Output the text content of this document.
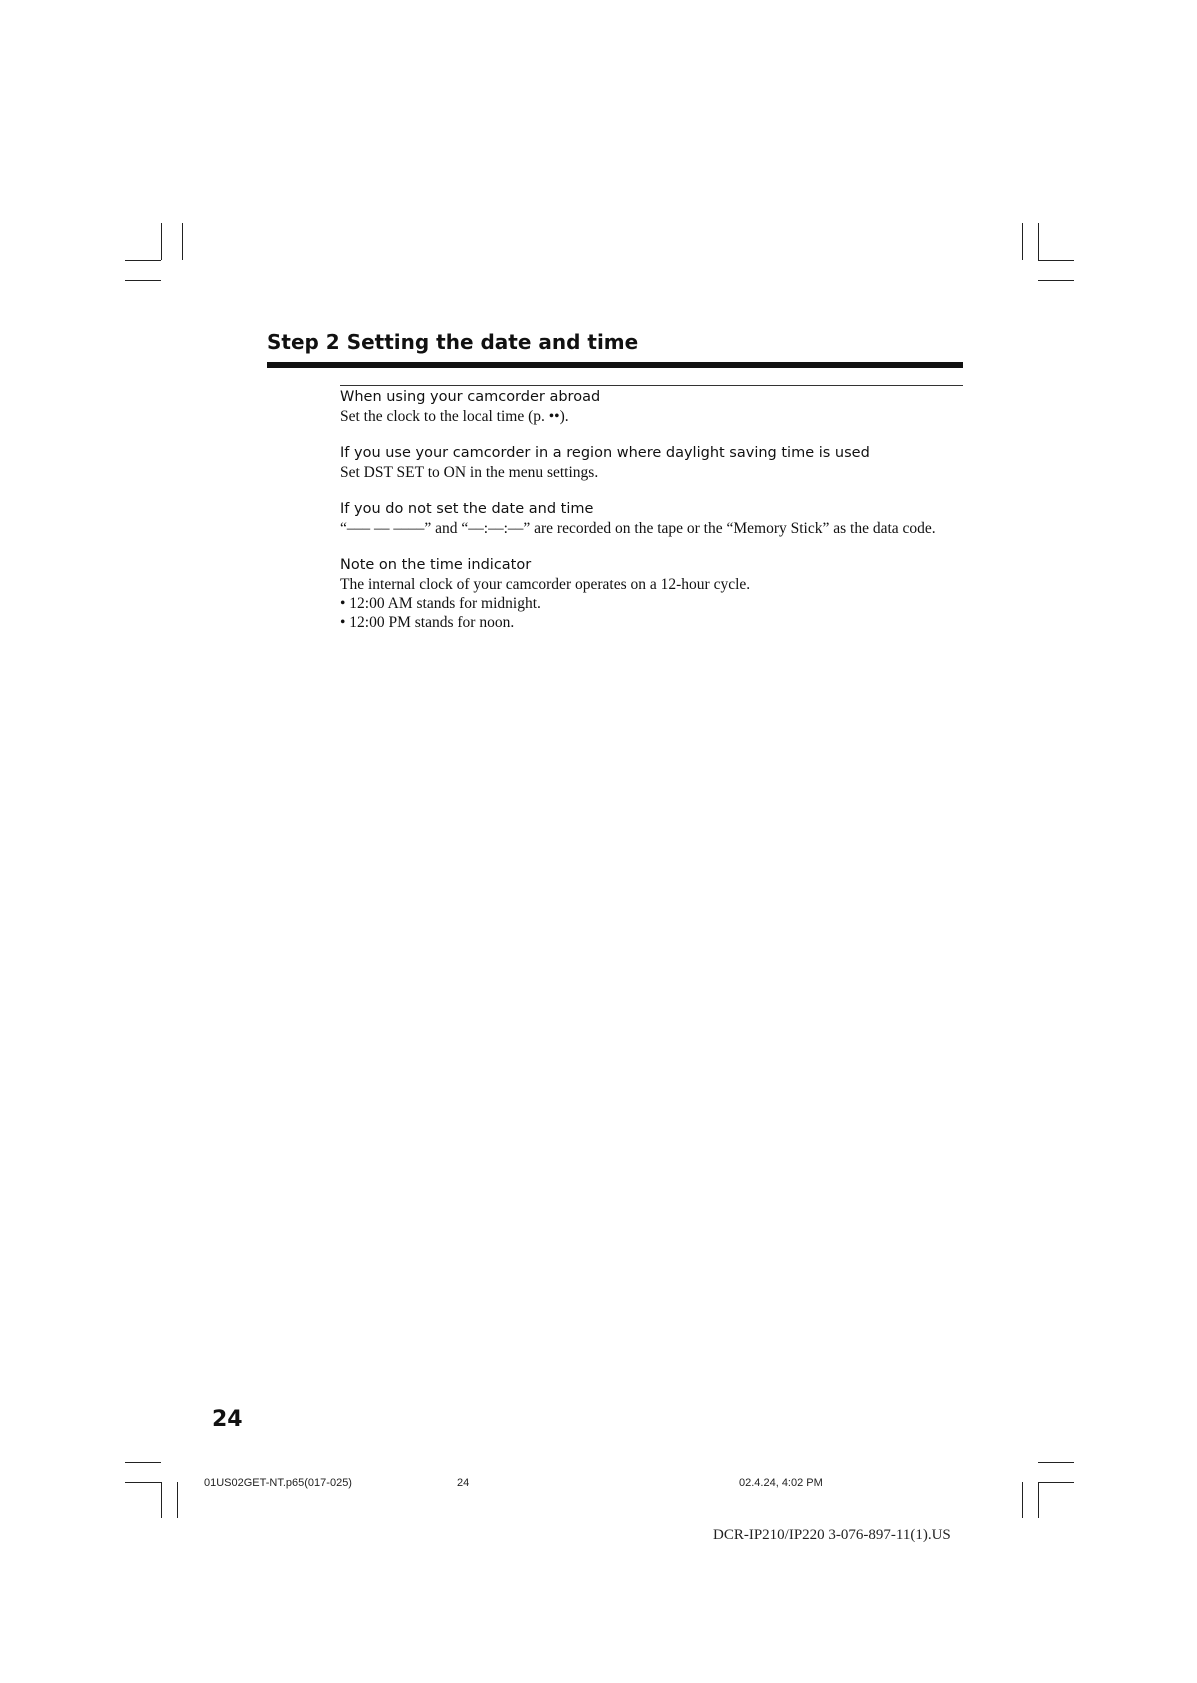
Step 2 Setting the date and time
When using your camcorder abroad
Set the clock to the local time (p. ••).
If you use your camcorder in a region where daylight saving time is used
Set DST SET to ON in the menu settings.
If you do not set the date and time
“––– –– ––––” and “––:––:––” are recorded on the tape or the “Memory Stick” as the data code.
Note on the time indicator
The internal clock of your camcorder operates on a 12-hour cycle.
• 12:00 AM stands for midnight.
• 12:00 PM stands for noon.
24
01US02GET-NT.p65(017-025)	24	02.4.24, 4:02 PM
DCR-IP210/IP220 3-076-897-11(1).US
